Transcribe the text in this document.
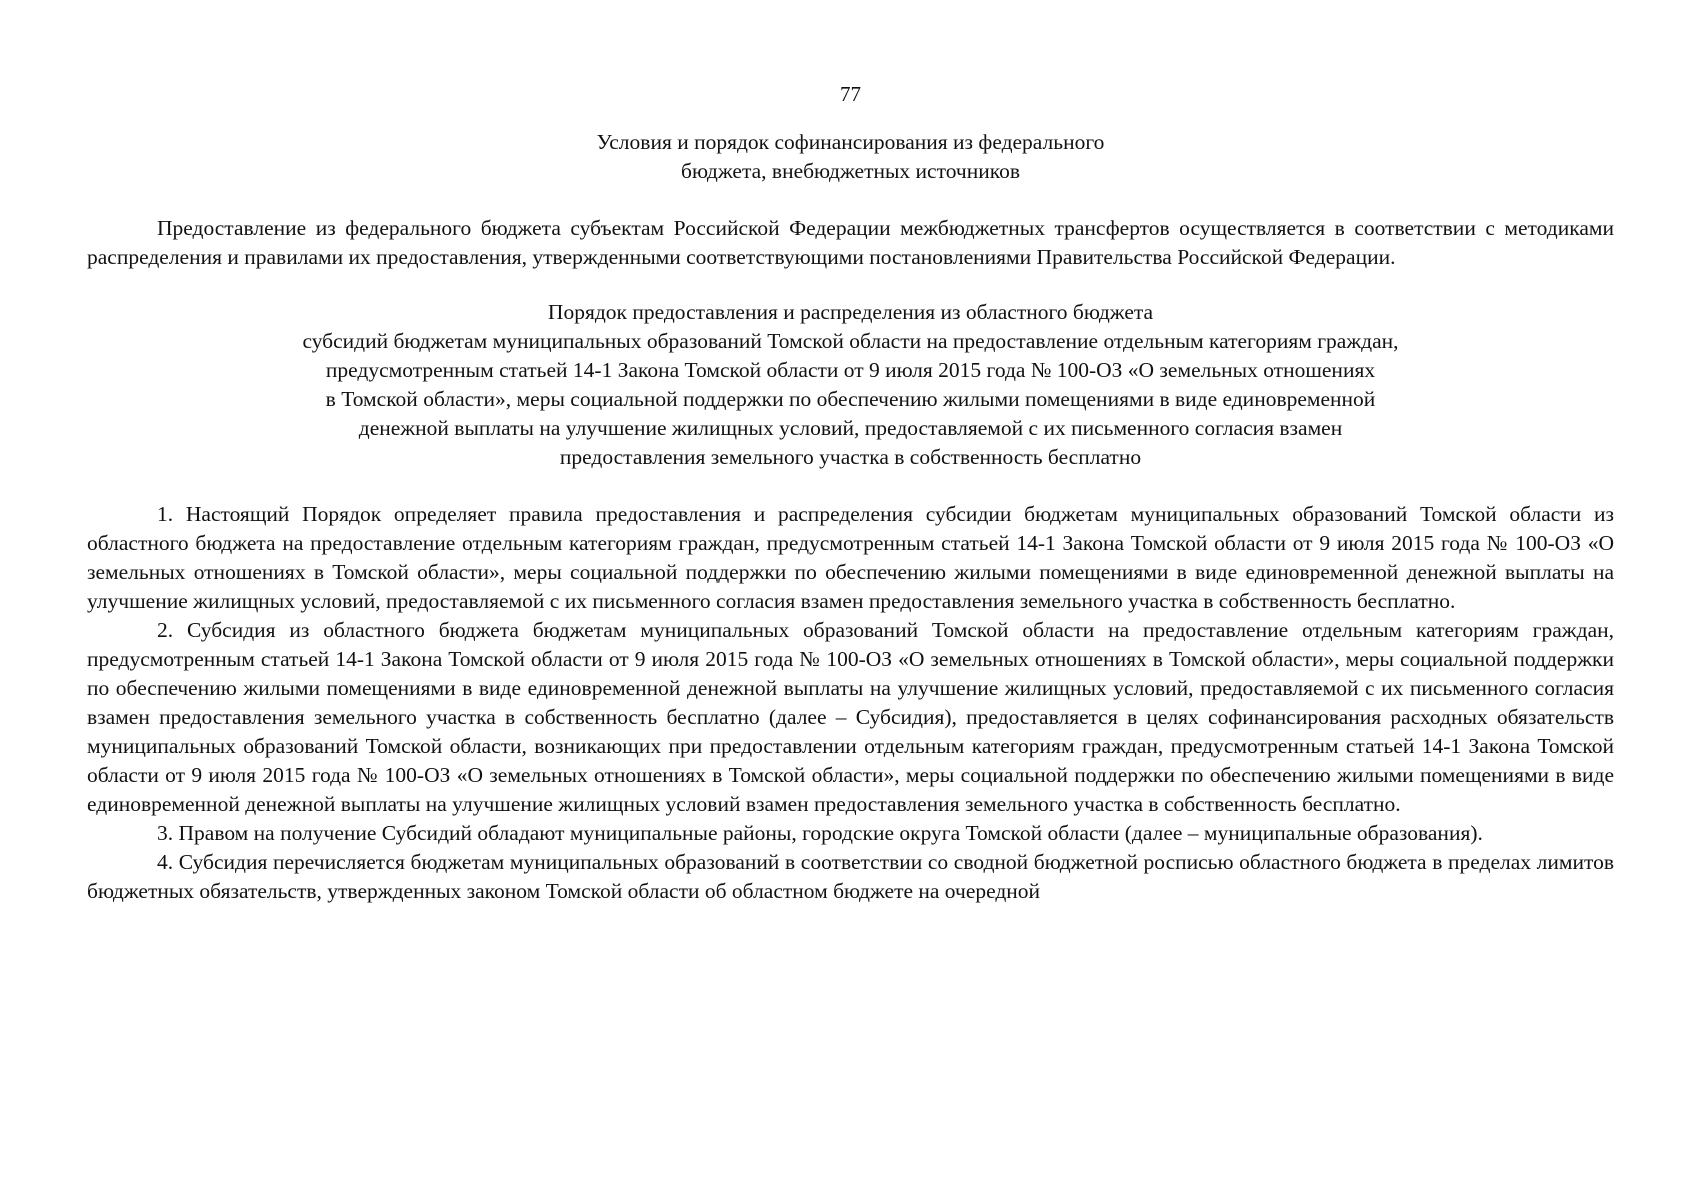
77
Условия и порядок софинансирования из федерального
бюджета, внебюджетных источников

Предоставление из федерального бюджета субъектам Российской Федерации межбюджетных трансфертов осуществляется в соответствии с методиками распределения и правилами их предоставления, утвержденными соответствующими постановлениями Правительства Российской Федерации.

Порядок предоставления и распределения из областного бюджета
субсидий бюджетам муниципальных образований Томской области на предоставление отдельным категориям граждан,
предусмотренным статьей 14-1 Закона Томской области от 9 июля 2015 года № 100-ОЗ «О земельных отношениях
в Томской области», меры социальной поддержки по обеспечению жилыми помещениями в виде единовременной
денежной выплаты на улучшение жилищных условий, предоставляемой с их письменного согласия взамен
предоставления земельного участка в собственность бесплатно

1. Настоящий Порядок определяет правила предоставления и распределения субсидии бюджетам муниципальных образований Томской области из областного бюджета на предоставление отдельным категориям граждан, предусмотренным статьей 14-1 Закона Томской области от 9 июля 2015 года № 100-ОЗ «О земельных отношениях в Томской области», меры социальной поддержки по обеспечению жилыми помещениями в виде единовременной денежной выплаты на улучшение жилищных условий, предоставляемой с их письменного согласия взамен предоставления земельного участка в собственность бесплатно.

2. Субсидия из областного бюджета бюджетам муниципальных образований Томской области на предоставление отдельным категориям граждан, предусмотренным статьей 14-1 Закона Томской области от 9 июля 2015 года № 100-ОЗ «О земельных отношениях в Томской области», меры социальной поддержки по обеспечению жилыми помещениями в виде единовременной денежной выплаты на улучшение жилищных условий, предоставляемой с их письменного согласия взамен предоставления земельного участка в собственность бесплатно (далее – Субсидия), предоставляется в целях софинансирования расходных обязательств муниципальных образований Томской области, возникающих при предоставлении отдельным категориям граждан, предусмотренным статьей 14-1 Закона Томской области от 9 июля 2015 года № 100-ОЗ «О земельных отношениях в Томской области», меры социальной поддержки по обеспечению жилыми помещениями в виде единовременной денежной выплаты на улучшение жилищных условий взамен предоставления земельного участка в собственность бесплатно.

3. Правом на получение Субсидий обладают муниципальные районы, городские округа Томской области (далее – муниципальные образования).

4. Субсидия перечисляется бюджетам муниципальных образований в соответствии со сводной бюджетной росписью областного бюджета в пределах лимитов бюджетных обязательств, утвержденных законом Томской области об областном бюджете на очередной
